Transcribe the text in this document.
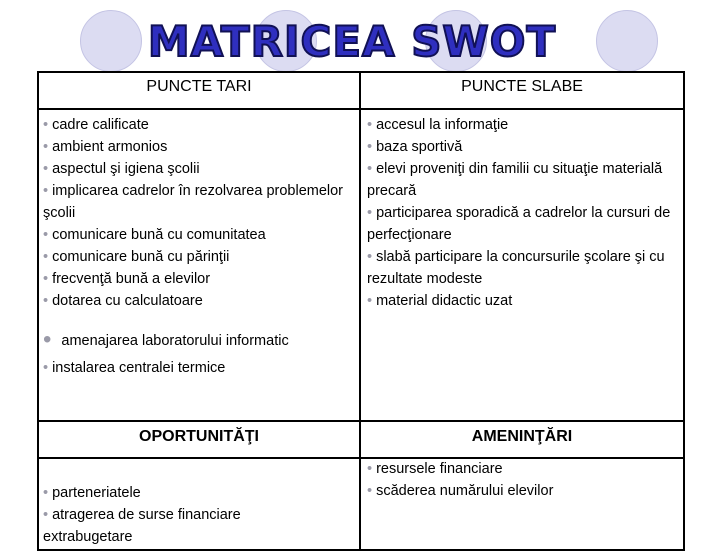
MATRICEA SWOT
PUNCTE TARI	PUNCTE SLABE
OPORTUNITĂŢI	AMENINŢĂRI
• cadre calificate
• ambient armonios
• aspectul şi igiena şcolii
• implicarea cadrelor în rezolvarea problemelor şcolii
• comunicare bună cu comunitatea
• comunicare bună cu părinţii
• frecvenţă bună a elevilor
• dotarea cu calculatoare
• amenajarea laboratorului informatic
• instalarea centralei termice
• accesul la informaţie
• baza sportivă
• elevi proveniţi din familii cu situaţie materială precară
• participarea sporadică a cadrelor la cursuri de perfecţionare
• slabă participare la concursurile şcolare şi cu rezultate modeste
• material didactic uzat
• parteneriatele
• atragerea de surse financiare extrabugetare
• resursele financiare
• scăderea numărului elevilor
